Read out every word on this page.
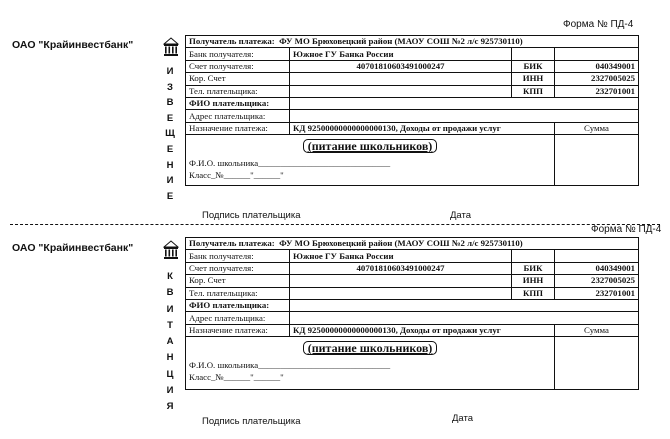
Форма № ПД-4
ОАО "Крайинвестбанк"
И
З
В
Е
Щ
Е
Н
И
Е
Получатель платежа: ФУ МО Брюховецкий район (МАОУ СОШ №2 л/с 925730110)			
Банк получателя:	Южное ГУ Банка России		
Счет получателя:	40701810603491000247	БИК	040349001
Кор. Счет		ИНН	2327005025
Тел. плательщика:		КПП	232701001
ФИО плательщика:			
Адрес плательщика:			
Назначение платежа:	КД 92500000000000000130, Доходы от продажи услуг		Сумма

(питание школьников)
Ф.И.О. школьника______________________________
Класс_№______"______"			

Подпись плательщика	Дата
Форма № ПД-4
ОАО "Крайинвестбанк"
К
В
И
Т
А
Н
Ц
И
Я
Получатель платежа: ФУ МО Брюховецкий район (МАОУ СОШ №2 л/с 925730110)			
Банк получателя:	Южное ГУ Банка России		
Счет получателя:	40701810603491000247	БИК	040349001
Кор. Счет		ИНН	2327005025
Тел. плательщика:		КПП	232701001
ФИО плательщика:			
Адрес плательщика:			
Назначение платежа:	КД 92500000000000000130, Доходы от продажи услуг		Сумма

(питание школьников)
Ф.И.О. школьника______________________________
Класс_№______"______"			

Подпись плательщика	Дата
